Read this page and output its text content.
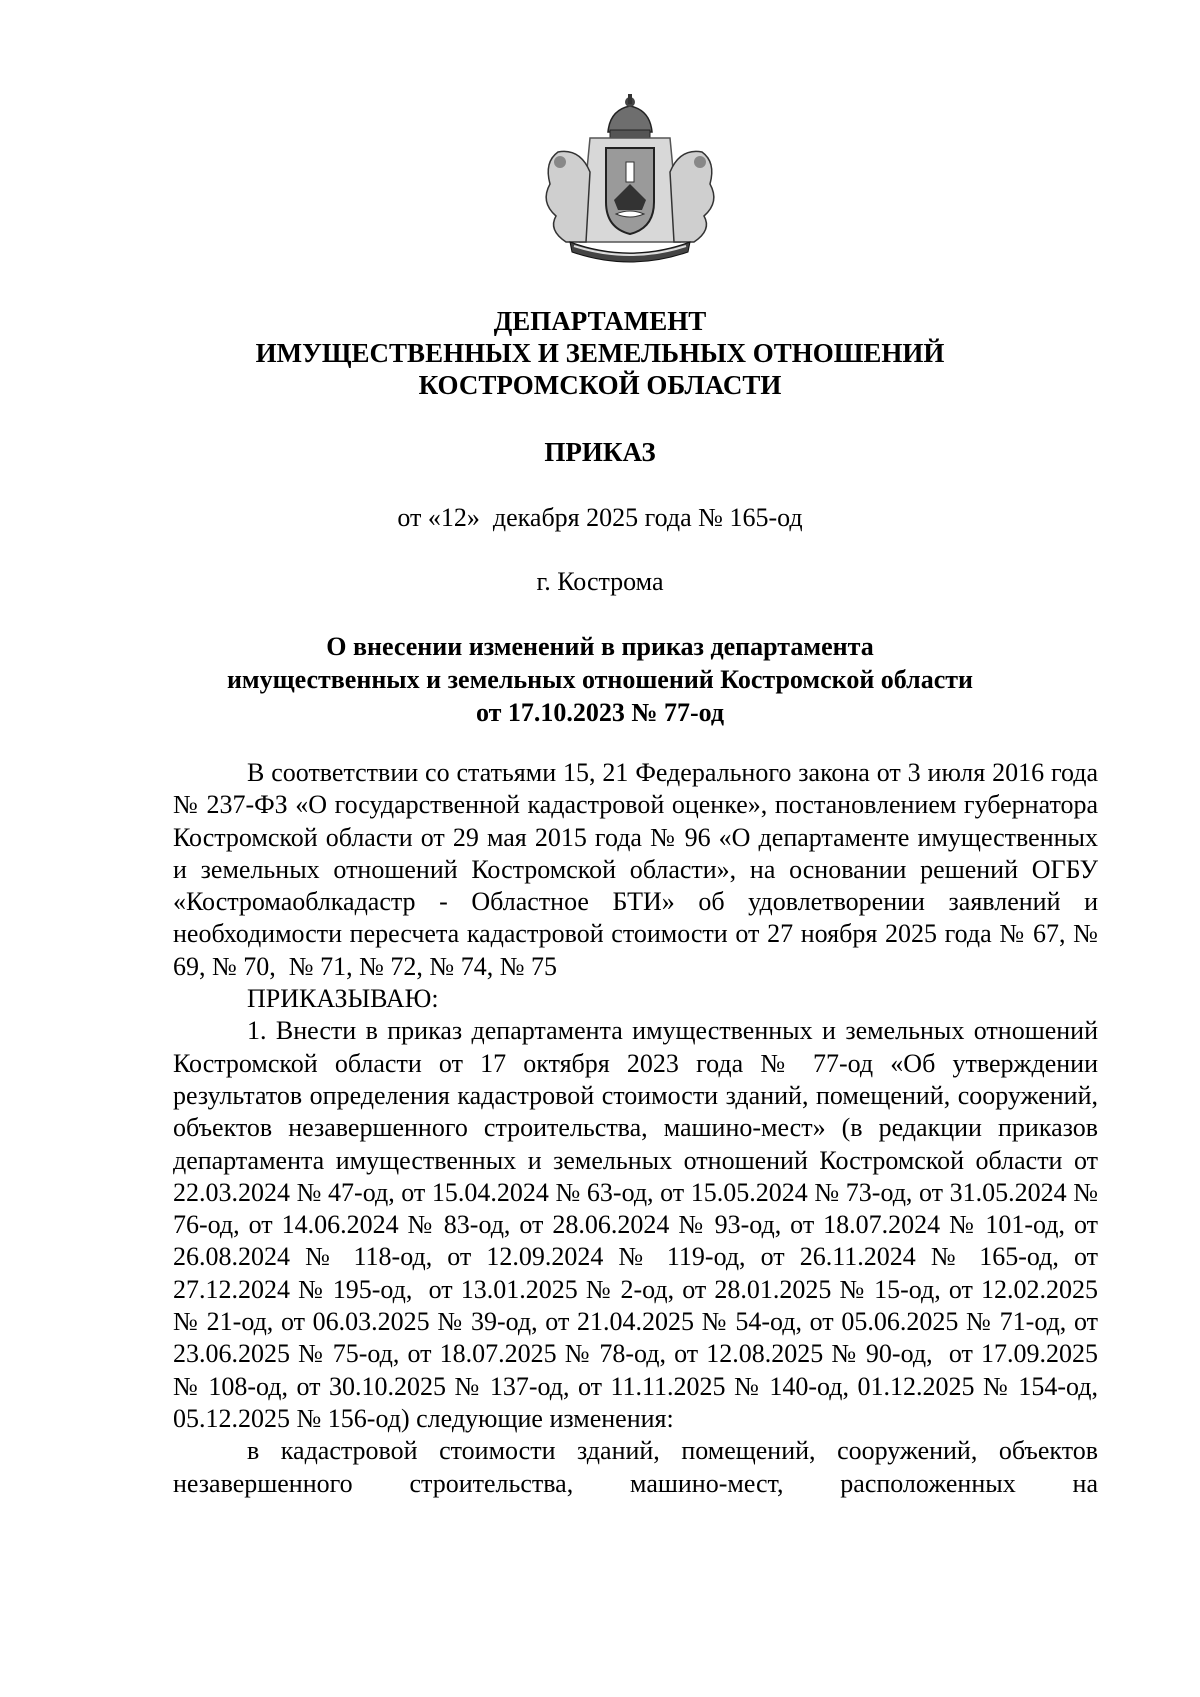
ДЕПАРТАМЕНТ
ИМУЩЕСТВЕННЫХ И ЗЕМЕЛЬНЫХ ОТНОШЕНИЙ
КОСТРОМСКОЙ ОБЛАСТИ
ПРИКАЗ
от «12»  декабря 2025 года № 165-од
г. Кострома
О внесении изменений в приказ департамента
имущественных и земельных отношений Костромской области
от 17.10.2023 № 77-од

В соответствии со статьями 15, 21 Федерального закона от 3 июля 2016 года № 237-ФЗ «О государственной кадастровой оценке», постановлением губернатора Костромской области от 29 мая 2015 года № 96 «О департаменте имущественных и земельных отношений Костромской области», на основании решений ОГБУ «Костромаоблкадастр - Областное БТИ» об удовлетворении заявлений и необходимости пересчета кадастровой стоимости от 27 ноября 2025 года № 67, № 69, № 70,  № 71, № 72, № 74, № 75

ПРИКАЗЫВАЮ:

1. Внести в приказ департамента имущественных и земельных отношений Костромской области от 17 октября 2023 года № 77-од «Об утверждении результатов определения кадастровой стоимости зданий, помещений, сооружений, объектов незавершенного строительства, машино-мест» (в редакции приказов департамента имущественных и земельных отношений Костромской области от 22.03.2024 № 47-од, от 15.04.2024 № 63-од, от 15.05.2024 № 73-од, от 31.05.2024 № 76-од, от 14.06.2024 № 83-од, от 28.06.2024 № 93-од, от 18.07.2024 № 101-од, от 26.08.2024 № 118-од, от 12.09.2024 № 119-од, от 26.11.2024 № 165-од, от 27.12.2024 № 195-од,  от 13.01.2025 № 2-од, от 28.01.2025 № 15-од, от 12.02.2025 № 21-од, от 06.03.2025 № 39-од, от 21.04.2025 № 54-од, от 05.06.2025 № 71-од, от 23.06.2025 № 75-од, от 18.07.2025 № 78-од, от 12.08.2025 № 90-од,  от 17.09.2025 № 108-од, от 30.10.2025 № 137-од, от 11.11.2025 № 140-од, 01.12.2025 № 154-од, 05.12.2025 № 156-од) следующие изменения:

в кадастровой стоимости зданий, помещений, сооружений, объектов незавершенного строительства, машино-мест, расположенных на
